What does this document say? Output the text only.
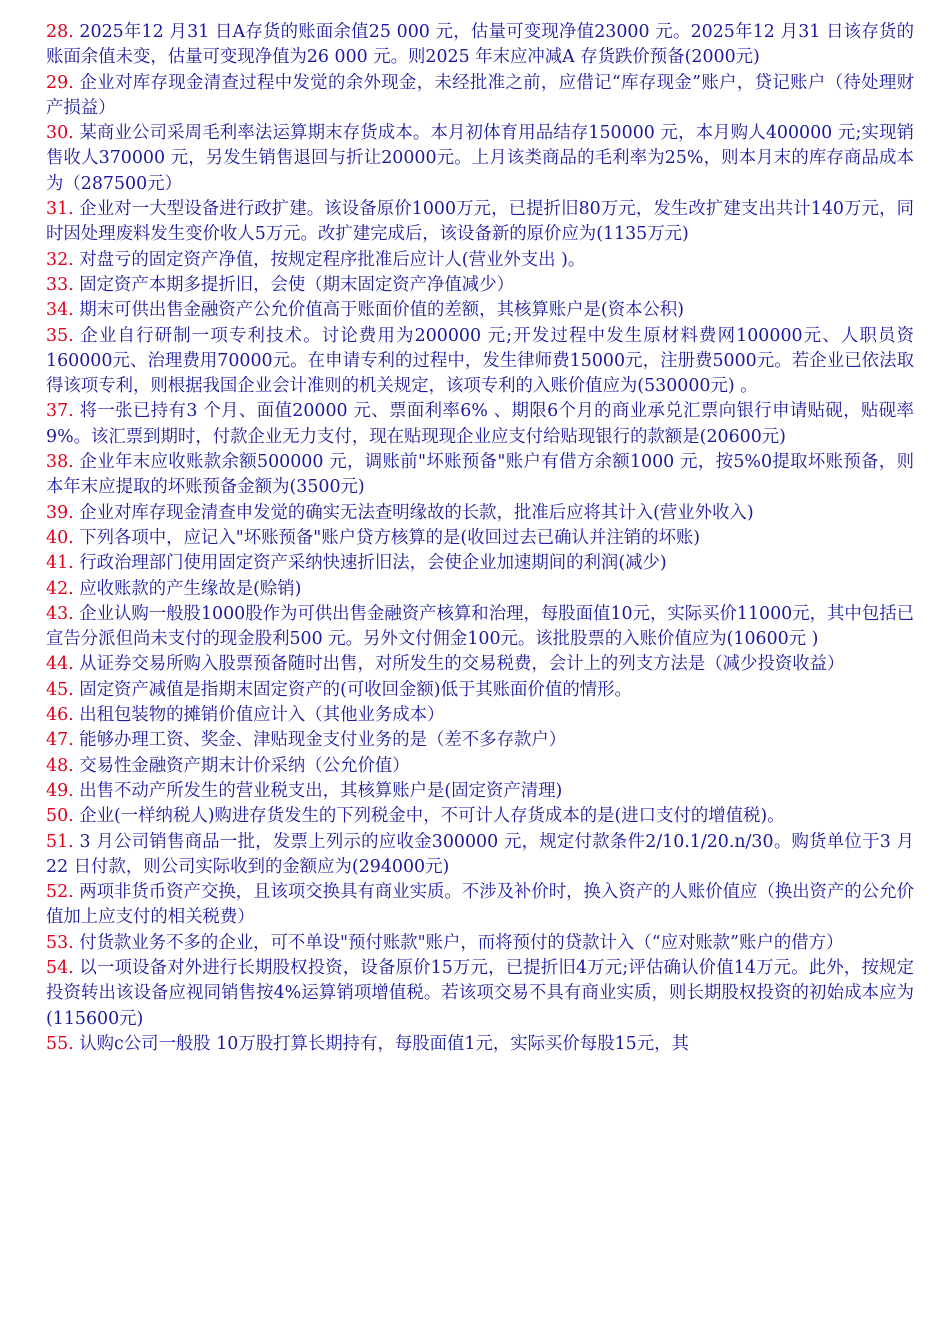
28. 2025年12 月31 日A存货的账面余值25 000 元，估量可变现净值23000 元。2025年12 月31 日该存货的账面余值未变，估量可变现净值为26 000 元。则2025 年末应冲减A 存货跌价预备(2000元)

29. 企业对库存现金清查过程中发觉的余外现金，未经批准之前，应借记“库存现金”账户，贷记账户（待处理财产损益）

30. 某商业公司采周毛利率法运算期末存货成本。本月初体育用品结存150000 元，本月购人400000 元;实现销售收人370000 元，另发生销售退回与折让20000元。上月该类商品的毛利率为25%，则本月末的库存商品成本为（287500元）

31. 企业对一大型设备进行政扩建。该设备原价1000万元，已提折旧80万元，发生改扩建支出共计140万元，同时因处理废料发生变价收人5万元。改扩建完成后，该设备新的原价应为(1135万元)

32. 对盘亏的固定资产净值，按规定程序批准后应计人(营业外支出 )。

33. 固定资产本期多提折旧，会使（期末固定资产净值减少）

34. 期末可供出售金融资产公允价值高于账面价值的差额，其核算账户是(资本公积)

35. 企业自行研制一项专利技术。讨论费用为200000 元;开发过程中发生原材料费网100000元、人职员资160000元、治理费用70000元。在申请专利的过程中，发生律师费15000元，注册费5000元。若企业已依法取得该项专利，则根据我国企业会计准则的机关规定，该项专利的入账价值应为(530000元) 。

37. 将一张已持有3 个月、面值20000 元、票面利率6% 、期限6个月的商业承兑汇票向银行申请贴砚，贴砚率9%。该汇票到期时，付款企业无力支付，现在贴现现企业应支付给贴现银行的款额是(20600元)

38. 企业年末应收账款余额500000 元，调账前"坏账预备"账户有借方余额1000 元，按5%0提取坏账预备，则本年末应提取的坏账预备金额为(3500元)

39. 企业对库存现金清查申发觉的确实无法查明缘故的长款，批准后应将其计入(营业外收入)

40. 下列各项中，应记入"坏账预备"账户贷方核算的是(收回过去已确认并注销的坏账)

41. 行政治理部门使用固定资产采纳快速折旧法，会使企业加速期间的利润(减少)

42. 应收账款的产生缘故是(赊销)

43. 企业认购一般股1000股作为可供出售金融资产核算和治理，每股面值10元，实际买价11000元，其中包括已宣告分派但尚未支付的现金股利500 元。另外文付佣金100元。该批股票的入账价值应为(10600元 )

44. 从证券交易所购入股票预备随时出售，对所发生的交易税费，会计上的列支方法是（减少投资收益）

45. 固定资产减值是指期末固定资产的(可收回金额)低于其账面价值的情形。

46. 出租包装物的摊销价值应计入（其他业务成本）

47. 能够办理工资、奖金、津贴现金支付业务的是（差不多存款户）

48. 交易性金融资产期末计价采纳（公允价值）

49. 出售不动产所发生的营业税支出，其核算账户是(固定资产清理)

50. 企业(一样纳税人)购进存货发生的下列税金中，不可计人存货成本的是(进口支付的增值税)。

51. 3 月公司销售商品一批，发票上列示的应收金300000 元，规定付款条件2/10.1/20.n/30。购货单位于3 月22 日付款，则公司实际收到的金额应为(294000元)

52. 两项非货币资产交换，且该项交换具有商业实质。不涉及补价时，换入资产的人账价值应（换出资产的公允价值加上应支付的相关税费）

53. 付货款业务不多的企业，可不单设"预付账款"账户，而将预付的贷款计入（“应对账款”账户的借方）

54. 以一项设备对外进行长期股权投资，设备原价15万元，已提折旧4万元;评估确认价值14万元。此外，按规定投资转出该设备应视同销售按4%运算销项增值税。若该项交易不具有商业实质，则长期股权投资的初始成本应为(115600元)

55. 认购c公司一般股 10万股打算长期持有，每股面值1元，实际买价每股15元，其
